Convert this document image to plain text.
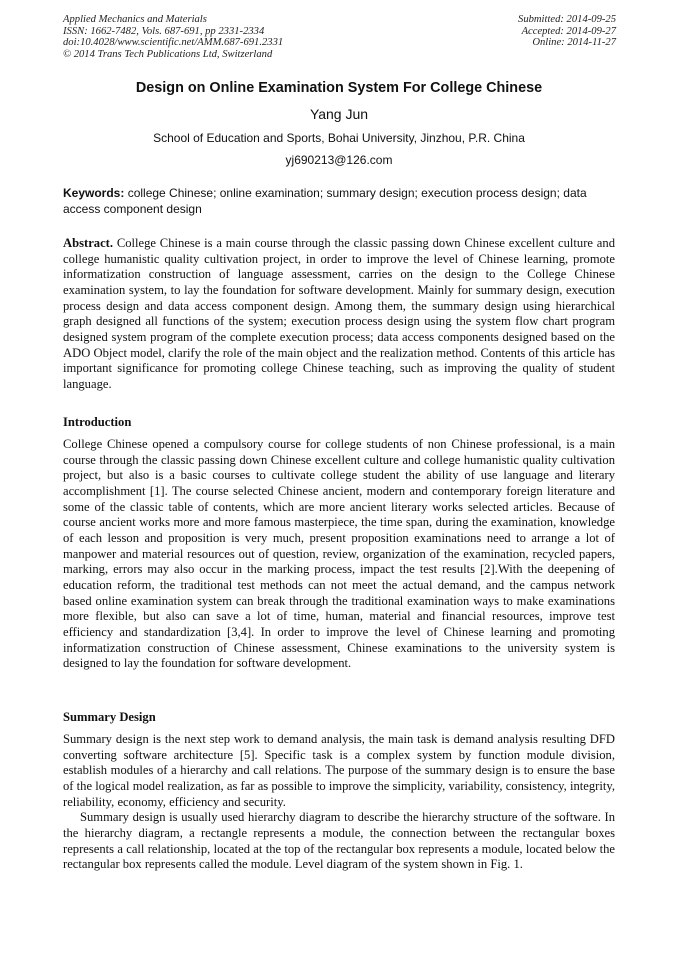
Applied Mechanics and Materials
ISSN: 1662-7482, Vols. 687-691, pp 2331-2334
doi:10.4028/www.scientific.net/AMM.687-691.2331
© 2014 Trans Tech Publications Ltd, Switzerland
Submitted: 2014-09-25
Accepted: 2014-09-27
Online: 2014-11-27
Design on Online Examination System For College Chinese
Yang Jun
School of Education and Sports, Bohai University, Jinzhou, P.R. China
yj690213@126.com
Keywords: college Chinese; online examination; summary design; execution process design; data access component design
Abstract. College Chinese is a main course through the classic passing down Chinese excellent culture and college humanistic quality cultivation project, in order to improve the level of Chinese learning, promote informatization construction of language assessment, carries on the design to the College Chinese examination system, to lay the foundation for software development. Mainly for summary design, execution process design and data access component design. Among them, the summary design using hierarchical graph designed all functions of the system; execution process design using the system flow chart program designed system program of the complete execution process; data access components designed based on the ADO Object model, clarify the role of the main object and the realization method. Contents of this article has important significance for promoting college Chinese teaching, such as improving the quality of student language.
Introduction
College Chinese opened a compulsory course for college students of non Chinese professional, is a main course through the classic passing down Chinese excellent culture and college humanistic quality cultivation project, but also is a basic courses to cultivate college student the ability of use language and literary accomplishment [1]. The course selected Chinese ancient, modern and contemporary foreign literature and some of the classic table of contents, which are more ancient literary works selected articles. Because of course ancient works more and more famous masterpiece, the time span, during the examination, knowledge of each lesson and proposition is very much, present proposition examinations need to arrange a lot of manpower and material resources out of question, review, organization of the examination, recycled papers, marking, errors may also occur in the marking process, impact the test results [2].With the deepening of education reform, the traditional test methods can not meet the actual demand, and the campus network based online examination system can break through the traditional examination ways to make examinations more flexible, but also can save a lot of time, human, material and financial resources, improve test efficiency and standardization [3,4]. In order to improve the level of Chinese learning and promoting informatization construction of Chinese assessment, Chinese examinations to the university system is designed to lay the foundation for software development.
Summary Design

Summary design is the next step work to demand analysis, the main task is demand analysis resulting DFD converting software architecture [5]. Specific task is a complex system by function module division, establish modules of a hierarchy and call relations. The purpose of the summary design is to ensure the base of the logical model realization, as far as possible to improve the simplicity, variability, consistency, integrity, reliability, economy, efficiency and security.

Summary design is usually used hierarchy diagram to describe the hierarchy structure of the software. In the hierarchy diagram, a rectangle represents a module, the connection between the rectangular boxes represents a call relationship, located at the top of the rectangular box represents a module, located below the rectangular box represents called the module. Level diagram of the system shown in Fig. 1.
